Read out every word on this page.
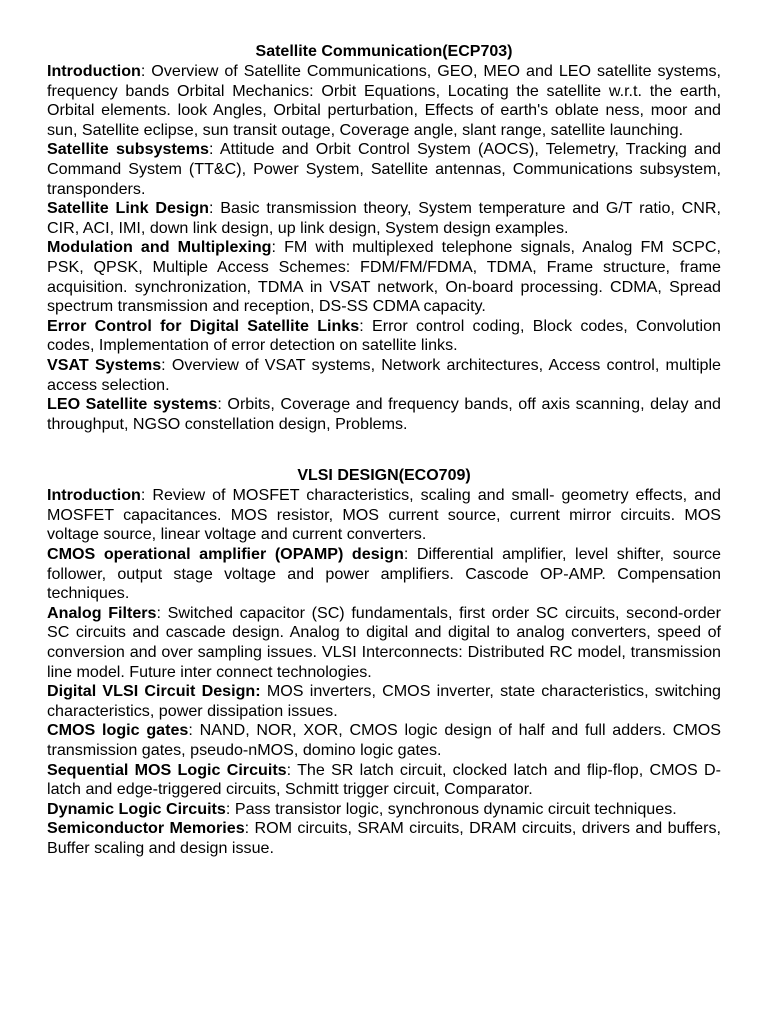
Satellite Communication(ECP703)

Introduction: Overview of Satellite Communications, GEO, MEO and LEO satellite systems, frequency bands Orbital Mechanics: Orbit Equations, Locating the satellite w.r.t. the earth, Orbital elements. look Angles, Orbital perturbation, Effects of earth's oblate ness, moor and sun, Satellite eclipse, sun transit outage, Coverage angle, slant range, satellite launching.

Satellite subsystems: Attitude and Orbit Control System (AOCS), Telemetry, Tracking and Command System (TT&C), Power System, Satellite antennas, Communications subsystem, transponders.

Satellite Link Design: Basic transmission theory, System temperature and G/T ratio, CNR, CIR, ACI, IMI, down link design, up link design, System design examples.

Modulation and Multiplexing: FM with multiplexed telephone signals, Analog FM SCPC, PSK, QPSK, Multiple Access Schemes: FDM/FM/FDMA, TDMA, Frame structure, frame acquisition. synchronization, TDMA in VSAT network, On-board processing. CDMA, Spread spectrum transmission and reception, DS-SS CDMA capacity.

Error Control for Digital Satellite Links: Error control coding, Block codes, Convolution codes, Implementation of error detection on satellite links.

VSAT Systems: Overview of VSAT systems, Network architectures, Access control, multiple access selection.

LEO Satellite systems: Orbits, Coverage and frequency bands, off axis scanning, delay and throughput, NGSO constellation design, Problems.

VLSI DESIGN(ECO709)

Introduction: Review of MOSFET characteristics, scaling and small- geometry effects, and MOSFET capacitances. MOS resistor, MOS current source, current mirror circuits. MOS voltage source, linear voltage and current converters.

CMOS operational amplifier (OPAMP) design: Differential amplifier, level shifter, source follower, output stage voltage and power amplifiers. Cascode OP-AMP. Compensation techniques.

Analog Filters: Switched capacitor (SC) fundamentals, first order SC circuits, second-order SC circuits and cascade design. Analog to digital and digital to analog converters, speed of conversion and over sampling issues. VLSI Interconnects: Distributed RC model, transmission line model. Future inter connect technologies.

Digital VLSI Circuit Design: MOS inverters, CMOS inverter, state characteristics, switching characteristics, power dissipation issues.

CMOS logic gates: NAND, NOR, XOR, CMOS logic design of half and full adders. CMOS transmission gates, pseudo-nMOS, domino logic gates.

Sequential MOS Logic Circuits: The SR latch circuit, clocked latch and flip-flop, CMOS D-latch and edge-triggered circuits, Schmitt trigger circuit, Comparator.

Dynamic Logic Circuits: Pass transistor logic, synchronous dynamic circuit techniques.

Semiconductor Memories: ROM circuits, SRAM circuits, DRAM circuits, drivers and buffers, Buffer scaling and design issue.
